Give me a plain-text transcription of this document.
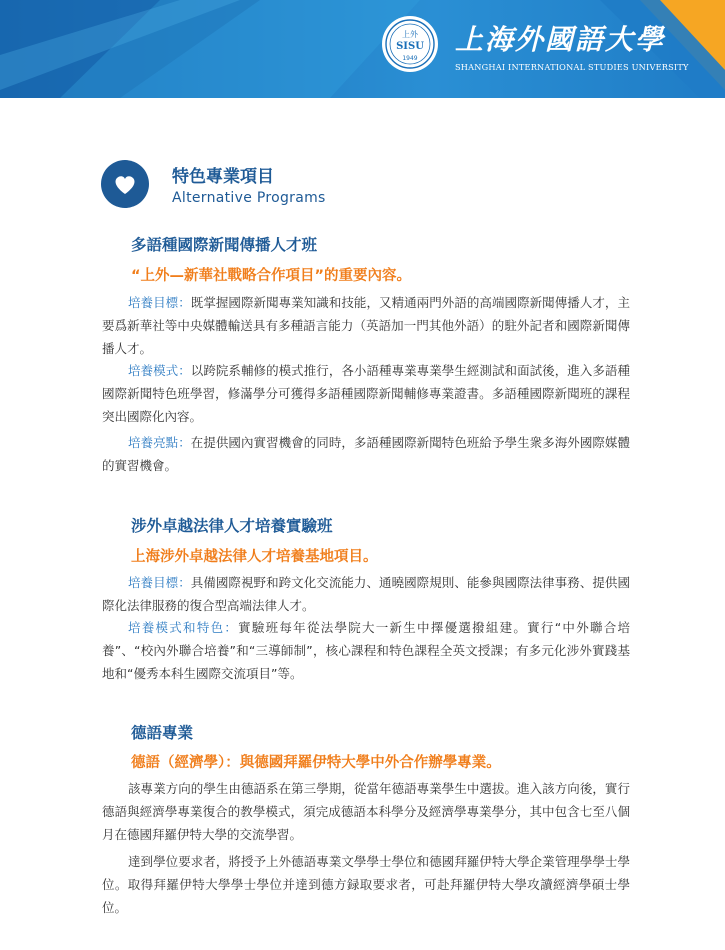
上外
SISU
1949
上海外國語大學
SHANGHAI INTERNATIONAL STUDIES UNIVERSITY
特色專業項目
Alternative Programs
多語種國際新聞傳播人才班
“上外—新華社戰略合作項目”的重要內容。

培養目標：既掌握國際新聞專業知識和技能，又精通兩門外語的高端國際新聞傳播人才，主要爲新華社等中央媒體輸送具有多種語言能力（英語加一門其他外語）的駐外記者和國際新聞傳播人才。

培養模式：以跨院系輔修的模式推行，各小語種專業專業學生經測試和面試後，進入多語種國際新聞特色班學習，修滿學分可獲得多語種國際新聞輔修專業證書。多語種國際新聞班的課程突出國際化內容。

培養亮點：在提供國內實習機會的同時，多語種國際新聞特色班給予學生衆多海外國際媒體的實習機會。

涉外卓越法律人才培養實驗班
上海涉外卓越法律人才培養基地項目。

培養目標：具備國際視野和跨文化交流能力、通曉國際規則、能參與國際法律事務、提供國際化法律服務的復合型高端法律人才。

培養模式和特色：實驗班每年從法學院大一新生中擇優選撥組建。實行“中外聯合培養”、“校內外聯合培養”和“三導師制”，核心課程和特色課程全英文授課；有多元化涉外實踐基地和“優秀本科生國際交流項目”等。

德語專業
德語（經濟學）：與德國拜羅伊特大學中外合作辦學專業。

該專業方向的學生由德語系在第三學期，從當年德語專業學生中選拔。進入該方向後，實行德語與經濟學專業復合的教學模式，須完成德語本科學分及經濟學專業學分，其中包含七至八個月在德國拜羅伊特大學的交流學習。

達到學位要求者，將授予上外德語專業文學學士學位和德國拜羅伊特大學企業管理學學士學位。取得拜羅伊特大學學士學位并達到德方録取要求者，可赴拜羅伊特大學攻讀經濟學碩士學位。
